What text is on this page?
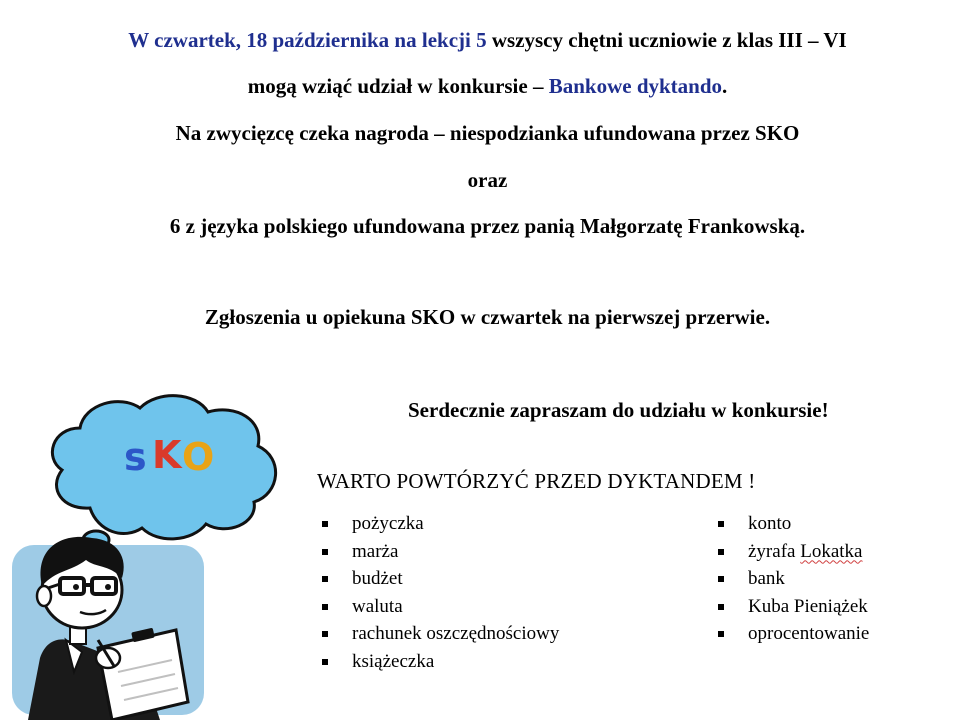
W czwartek, 18 października na lekcji 5 wszyscy chętni uczniowie z klas III – VI
mogą wziąć udział w konkursie – Bankowe dyktando.
Na zwycięzcę czeka nagroda – niespodzianka ufundowana przez SKO
oraz
6 z języka polskiego ufundowana przez panią Małgorzatę Frankowską.
Zgłoszenia u opiekuna SKO w czwartek na pierwszej przerwie.
Serdecznie zapraszam do udziału w konkursie!
WARTO POWTÓRZYĆ PRZED DYKTANDEM !
pożyczka
marża
budżet
waluta
rachunek oszczędnościowy
książeczka
konto
żyrafa Lokatka
bank
Kuba Pieniążek
oprocentowanie
s K O
